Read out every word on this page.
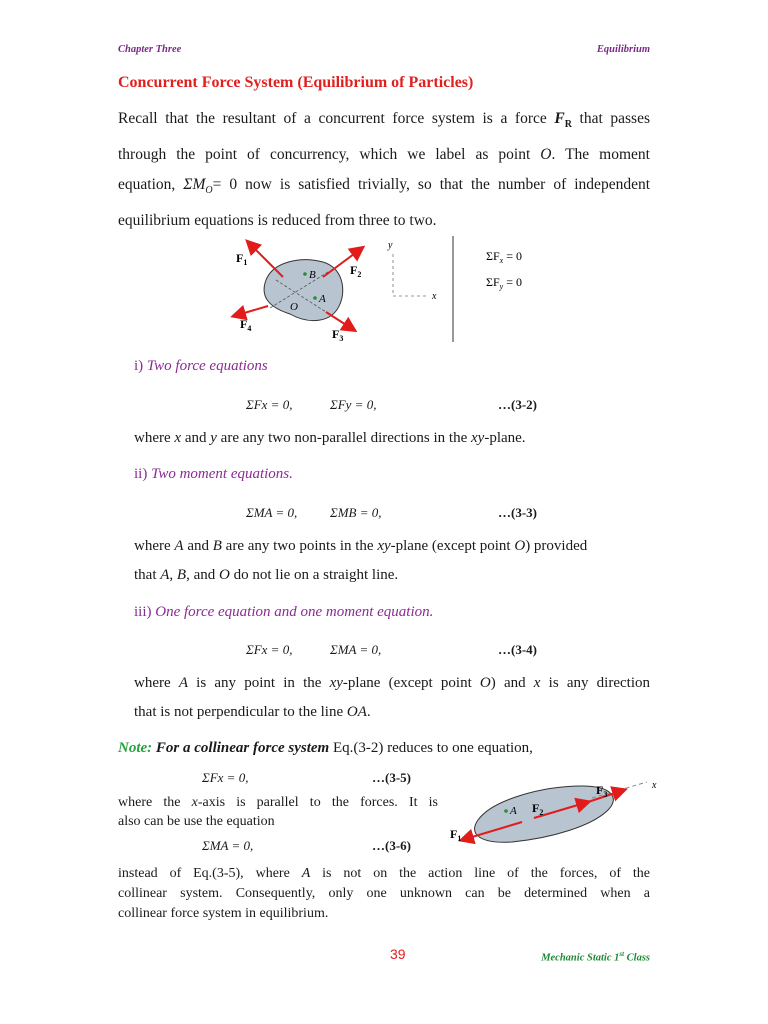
Chapter Three	Equilibrium
Concurrent Force System (Equilibrium of Particles)
Recall that the resultant of a concurrent force system is a force $F_R$ that passes
through the point of concurrency, which we label as point O. The moment
equation, $\Sigma M_O= 0$ now is satisfied trivially, so that the number of independent
equilibrium equations is reduced from three to two.
$F_1$
$F_2$
$F_3$
$F_4$
B
A
O
y
x
$\Sigma F_x = 0$
$\Sigma F_y = 0$
i) Two force equations
ΣFx = 0,	ΣFy = 0,	…(3-2)
where x and y are any two non-parallel directions in the xy-plane.
ii) Two moment equations.
ΣMA = 0,	ΣMB = 0,	…(3-3)
where A and B are any two points in the xy-plane (except point O) provided
that A, B, and O do not lie on a straight line.
iii) One force equation and one moment equation.
ΣFx = 0,	ΣMA = 0,	…(3-4)
where A is any point in the xy-plane (except point O) and x is any direction
that is not perpendicular to the line OA.
Note: For a collinear force system Eq.(3-2) reduces to one equation,
ΣFx = 0,	…(3-5)
where the x-axis is parallel to the forces. It is
also can be use the equation
ΣMA = 0,	…(3-6)
instead of Eq.(3-5), where A is not on the action line of the forces, of the
collinear system. Consequently, only one unknown can be determined when a
collinear force system in equilibrium.
A $F_2$
$F_3$
$F_1$
x
39	Mechanic Static 1st Class
